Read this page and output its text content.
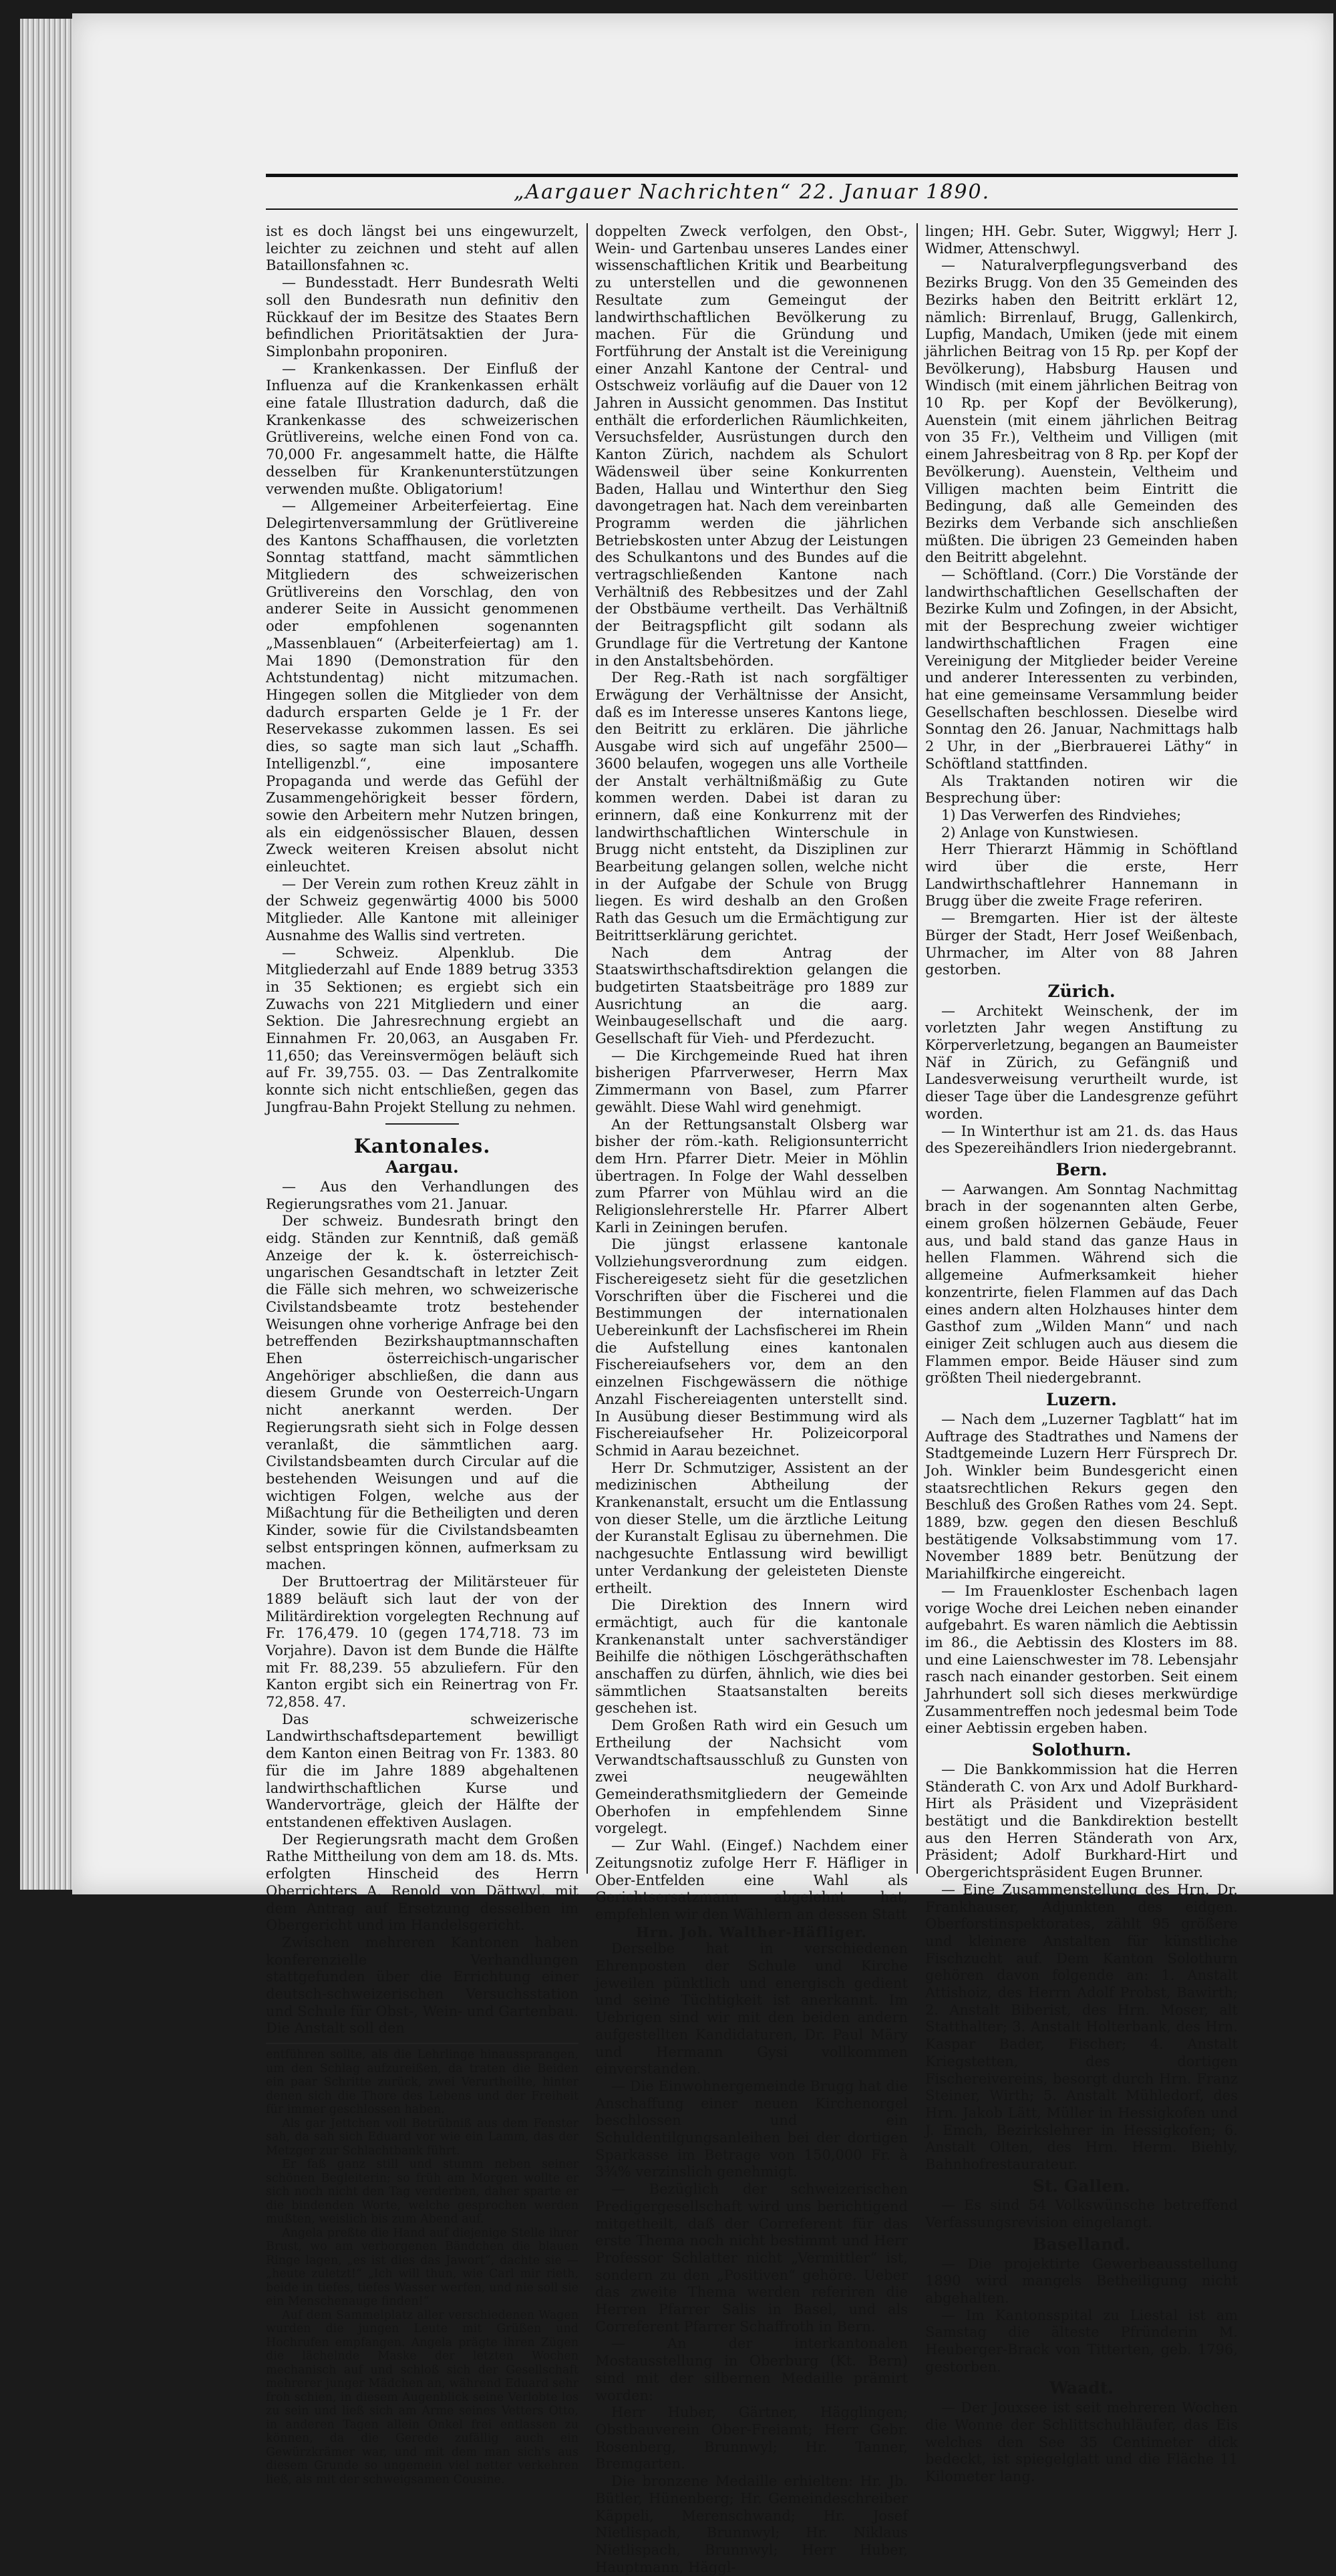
„Aargauer Nachrichten“ 22. Januar 1890.

ist es doch längst bei uns eingewurzelt, leichter zu zeichnen und steht auf allen Bataillonsfahnen ꝛc.

— Bundesstadt. Herr Bundesrath Welti soll den Bundesrath nun definitiv den Rückkauf der im Besitze des Staates Bern befindlichen Prioritätsaktien der Jura-Simplonbahn proponiren.

— Krankenkassen. Der Einfluß der Influenza auf die Krankenkassen erhält eine fatale Illustration dadurch, daß die Krankenkasse des schweizerischen Grütlivereins, welche einen Fond von ca. 70,000 Fr. angesammelt hatte, die Hälfte desselben für Krankenunterstützungen verwenden mußte. Obligatorium!

— Allgemeiner Arbeiterfeiertag. Eine Delegirtenversammlung der Grütlivereine des Kantons Schaffhausen, die vorletzten Sonntag stattfand, macht sämmtlichen Mitgliedern des schweizerischen Grütlivereins den Vorschlag, den von anderer Seite in Aussicht genommenen oder empfohlenen sogenannten „Massenblauen“ (Arbeiterfeiertag) am 1. Mai 1890 (Demonstration für den Achtstundentag) nicht mitzumachen. Hingegen sollen die Mitglieder von dem dadurch ersparten Gelde je 1 Fr. der Reservekasse zukommen lassen. Es sei dies, so sagte man sich laut „Schaffh. Intelligenzbl.“, eine imposantere Propaganda und werde das Gefühl der Zusammengehörigkeit besser fördern, sowie den Arbeitern mehr Nutzen bringen, als ein eidgenössischer Blauen, dessen Zweck weiteren Kreisen absolut nicht einleuchtet.

— Der Verein zum rothen Kreuz zählt in der Schweiz gegenwärtig 4000 bis 5000 Mitglieder. Alle Kantone mit alleiniger Ausnahme des Wallis sind vertreten.

— Schweiz. Alpenklub. Die Mitgliederzahl auf Ende 1889 betrug 3353 in 35 Sektionen; es ergiebt sich ein Zuwachs von 221 Mitgliedern und einer Sektion. Die Jahresrechnung ergiebt an Einnahmen Fr. 20,063, an Ausgaben Fr. 11,650; das Vereinsvermögen beläuft sich auf Fr. 39,755. 03. — Das Zentralkomite konnte sich nicht entschließen, gegen das Jungfrau-Bahn Projekt Stellung zu nehmen.

Kantonales.
Aargau.

— Aus den Verhandlungen des Regierungsrathes vom 21. Januar.

Der schweiz. Bundesrath bringt den eidg. Ständen zur Kenntniß, daß gemäß Anzeige der k. k. österreichisch-ungarischen Gesandtschaft in letzter Zeit die Fälle sich mehren, wo schweizerische Civilstandsbeamte trotz bestehender Weisungen ohne vorherige Anfrage bei den betreffenden Bezirkshauptmannschaften Ehen österreichisch-ungarischer Angehöriger abschließen, die dann aus diesem Grunde von Oesterreich-Ungarn nicht anerkannt werden. Der Regierungsrath sieht sich in Folge dessen veranlaßt, die sämmtlichen aarg. Civilstandsbeamten durch Circular auf die bestehenden Weisungen und auf die wichtigen Folgen, welche aus der Mißachtung für die Betheiligten und deren Kinder, sowie für die Civilstandsbeamten selbst entspringen können, aufmerksam zu machen.

Der Bruttoertrag der Militärsteuer für 1889 beläuft sich laut der von der Militärdirektion vorgelegten Rechnung auf Fr. 176,479. 10 (gegen 174,718. 73 im Vorjahre). Davon ist dem Bunde die Hälfte mit Fr. 88,239. 55 abzuliefern. Für den Kanton ergibt sich ein Reinertrag von Fr. 72,858. 47.

Das schweizerische Landwirthschaftsdepartement bewilligt dem Kanton einen Beitrag von Fr. 1383. 80 für die im Jahre 1889 abgehaltenen landwirthschaftlichen Kurse und Wandervorträge, gleich der Hälfte der entstandenen effektiven Auslagen.

Der Regierungsrath macht dem Großen Rathe Mittheilung von dem am 18. ds. Mts. erfolgten Hinscheid des Herrn Oberrichters A. Renold von Dättwyl, mit dem Antrag auf Ersetzung desselben im Obergericht und im Handelsgericht.

Zwischen mehreren Kantonen haben konferenzielle Verhandlungen stattgefunden über die Errichtung einer deutsch-schweizerischen Versuchsstation und Schule für Obst-, Wein- und Gartenbau. Die Anstalt soll den

entführen sollte, als die Lehrlinge hinaussprangen, um den Schlag aufzureißen, da traten die Beiden ein paar Schritte zurück, zwei Verurtheilte, hinter denen sich die Thore des Lebens und der Freiheit für immer geschlossen haben.

Als gar Jettchen voll Betrübniß aus dem Fenster sah, da sah sich Eduard vor wie ein Lamm, das der Metzger zur Schlachtbank führt.

Er faß ganz still und stumm neben seiner schönen Begleiterin; so früh am Morgen wollte er sich noch nicht den Tag verderben, daher sparte er die bindenden Worte, welche gesprochen werden mußten, weislich bis zum Abend auf.

Angela preßte die Hand auf diejenige Stelle ihrer Brust, wo am verborgenen Bändchen die blauen Ringe lagen, „es ist dies das Jawort“, dachte sie — „heute zuletzt!“ „Ich will thun, wie Carl mir rieth, beide in tiefes, tiefes Wasser werfen, und nie soll sie ein Menschenauge finden!“

Auf dem Sammelplatz aller verschiedenen Wagen wurden die jungen Leute mit Grüßen und Hochrufen empfangen. Angela prägte ihren Zügen die lächelnde Maske der letzten Wochen mechanisch auf und schloß sich der Gesellschaft mehrerer junger Mädchen an, während Eduard sehr froh schien, in diesem Augenblick seine Verlobte los zu sein und ließ sich am Arme seines Vetters Otto, in anderen Tagen allein Onkel frei entlassen zu können, da die Gerede zufällig auch ein Gewürzkrämer war, und mit dem man sich's aus diesem Grunde so ungemein viel netter verkehren ließ, als mit der schweigsamen Cousine.

doppelten Zweck verfolgen, den Obst-, Wein- und Gartenbau unseres Landes einer wissenschaftlichen Kritik und Bearbeitung zu unterstellen und die gewonnenen Resultate zum Gemeingut der landwirthschaftlichen Bevölkerung zu machen. Für die Gründung und Fortführung der Anstalt ist die Vereinigung einer Anzahl Kantone der Central- und Ostschweiz vorläufig auf die Dauer von 12 Jahren in Aussicht genommen. Das Institut enthält die erforderlichen Räumlichkeiten, Versuchsfelder, Ausrüstungen durch den Kanton Zürich, nachdem als Schulort Wädensweil über seine Konkurrenten Baden, Hallau und Winterthur den Sieg davongetragen hat. Nach dem vereinbarten Programm werden die jährlichen Betriebskosten unter Abzug der Leistungen des Schulkantons und des Bundes auf die vertragschließenden Kantone nach Verhältniß des Rebbesitzes und der Zahl der Obstbäume vertheilt. Das Verhältniß der Beitragspflicht gilt sodann als Grundlage für die Vertretung der Kantone in den Anstaltsbehörden.

Der Reg.-Rath ist nach sorgfältiger Erwägung der Verhältnisse der Ansicht, daß es im Interesse unseres Kantons liege, den Beitritt zu erklären. Die jährliche Ausgabe wird sich auf ungefähr 2500—3600 belaufen, wogegen uns alle Vortheile der Anstalt verhältnißmäßig zu Gute kommen werden. Dabei ist daran zu erinnern, daß eine Konkurrenz mit der landwirthschaftlichen Winterschule in Brugg nicht entsteht, da Disziplinen zur Bearbeitung gelangen sollen, welche nicht in der Aufgabe der Schule von Brugg liegen. Es wird deshalb an den Großen Rath das Gesuch um die Ermächtigung zur Beitrittserklärung gerichtet.

Nach dem Antrag der Staatswirthschaftsdirektion gelangen die budgetirten Staatsbeiträge pro 1889 zur Ausrichtung an die aarg. Weinbaugesellschaft und die aarg. Gesellschaft für Vieh- und Pferdezucht.

— Die Kirchgemeinde Rued hat ihren bisherigen Pfarrverweser, Herrn Max Zimmermann von Basel, zum Pfarrer gewählt. Diese Wahl wird genehmigt.

An der Rettungsanstalt Olsberg war bisher der röm.-kath. Religionsunterricht dem Hrn. Pfarrer Dietr. Meier in Möhlin übertragen. In Folge der Wahl desselben zum Pfarrer von Mühlau wird an die Religionslehrerstelle Hr. Pfarrer Albert Karli in Zeiningen berufen.

Die jüngst erlassene kantonale Vollziehungsverordnung zum eidgen. Fischereigesetz sieht für die gesetzlichen Vorschriften über die Fischerei und die Bestimmungen der internationalen Uebereinkunft der Lachsfischerei im Rhein die Aufstellung eines kantonalen Fischereiaufsehers vor, dem an den einzelnen Fischgewässern die nöthige Anzahl Fischereiagenten unterstellt sind. In Ausübung dieser Bestimmung wird als Fischereiaufseher Hr. Polizeicorporal Schmid in Aarau bezeichnet.

Herr Dr. Schmutziger, Assistent an der medizinischen Abtheilung der Krankenanstalt, ersucht um die Entlassung von dieser Stelle, um die ärztliche Leitung der Kuranstalt Eglisau zu übernehmen. Die nachgesuchte Entlassung wird bewilligt unter Verdankung der geleisteten Dienste ertheilt.

Die Direktion des Innern wird ermächtigt, auch für die kantonale Krankenanstalt unter sachverständiger Beihilfe die nöthigen Löschgeräthschaften anschaffen zu dürfen, ähnlich, wie dies bei sämmtlichen Staatsanstalten bereits geschehen ist.

Dem Großen Rath wird ein Gesuch um Ertheilung der Nachsicht vom Verwandtschaftsausschluß zu Gunsten von zwei neugewählten Gemeinderathsmitgliedern der Gemeinde Oberhofen in empfehlendem Sinne vorgelegt.

— Zur Wahl. (Eingef.) Nachdem einer Zeitungsnotiz zufolge Herr F. Häfliger in Ober-Entfelden eine Wahl als Gerichtsersatzmann abgelehnt hat, empfehlen wir den Wählern an dessen Statt

Hrn. Joh. Walther-Häfliger.

Derselbe hat in verschiedenen Ehrenposten der Schule und Kirche jeweilen pünktlich und energisch gedient und seine Tüchtigkeit ist anerkannt. Im Uebrigen sind wir mit den beiden andern aufgestellten Kandidaturen, Dr. Paul Märy und Hermann Gysi vollkommen einverstanden.

— Die Einwohnergemeinde Brugg hat die Anschaffung einer neuen Kirchenorgel beschlossen und ein Schuldentilgungsanleihen bei der dortigen Sparkasse im Betrage von 150,000 Fr. à 3¾% verzinslich genehmigt.

— Bezüglich der schweizerischen Predigergesellschaft wird uns berichtigend mitgetheilt, daß der Correferent für das erste Thema noch nicht bestimmt und Herr Professor Schlatter nicht „Vermittler“ ist, sondern zu den „Positiven“ gehöre. Ueber das zweite Thema werden referiren die Herren Pfarrer Salis in Basel, und als Correferent Pfarrer Schaffroth in Bern.

— An der interkantonalen Mostausstellung in Oberburg (Kt. Bern) sind mit der silbernen Medaille prämirt worden:

Herr Huber, Gärtner, Hägglingen; Obstbauverein Ober-Freiamt; Herr Gebr. Rosenberg, Brunnwyl; Hr. Tanner, Bremgarten.

Die bronzene Medaille erhielten: Hr. Jb. Bütler, Hünenberg; Hr. Gemeindeschreiber Käppeli, Merenschwand; Hr. Josef Nietlispach, Brunnwyl; Hr. Niklaus Nietlispach, Brunnwyl; Herr Huber, Hauptmann, Häggl-

lingen; HH. Gebr. Suter, Wiggwyl; Herr J. Widmer, Attenschwyl.

— Naturalverpflegungsverband des Bezirks Brugg. Von den 35 Gemeinden des Bezirks haben den Beitritt erklärt 12, nämlich: Birrenlauf, Brugg, Gallenkirch, Lupfig, Mandach, Umiken (jede mit einem jährlichen Beitrag von 15 Rp. per Kopf der Bevölkerung), Habsburg Hausen und Windisch (mit einem jährlichen Beitrag von 10 Rp. per Kopf der Bevölkerung), Auenstein (mit einem jährlichen Beitrag von 35 Fr.), Veltheim und Villigen (mit einem Jahresbeitrag von 8 Rp. per Kopf der Bevölkerung). Auenstein, Veltheim und Villigen machten beim Eintritt die Bedingung, daß alle Gemeinden des Bezirks dem Verbande sich anschließen müßten. Die übrigen 23 Gemeinden haben den Beitritt abgelehnt.

— Schöftland. (Corr.) Die Vorstände der landwirthschaftlichen Gesellschaften der Bezirke Kulm und Zofingen, in der Absicht, mit der Besprechung zweier wichtiger landwirthschaftlichen Fragen eine Vereinigung der Mitglieder beider Vereine und anderer Interessenten zu verbinden, hat eine gemeinsame Versammlung beider Gesellschaften beschlossen. Dieselbe wird Sonntag den 26. Januar, Nachmittags halb 2 Uhr, in der „Bierbrauerei Läthy“ in Schöftland stattfinden.

Als Traktanden notiren wir die Besprechung über:

1) Das Verwerfen des Rindviehes;

2) Anlage von Kunstwiesen.

Herr Thierarzt Hämmig in Schöftland wird über die erste, Herr Landwirthschaftlehrer Hannemann in Brugg über die zweite Frage referiren.

— Bremgarten. Hier ist der älteste Bürger der Stadt, Herr Josef Weißenbach, Uhrmacher, im Alter von 88 Jahren gestorben.

Zürich.

— Architekt Weinschenk, der im vorletzten Jahr wegen Anstiftung zu Körperverletzung, begangen an Baumeister Näf in Zürich, zu Gefängniß und Landesverweisung verurtheilt wurde, ist dieser Tage über die Landesgrenze geführt worden.

— In Winterthur ist am 21. ds. das Haus des Spezereihändlers Irion niedergebrannt.

Bern.

— Aarwangen. Am Sonntag Nachmittag brach in der sogenannten alten Gerbe, einem großen hölzernen Gebäude, Feuer aus, und bald stand das ganze Haus in hellen Flammen. Während sich die allgemeine Aufmerksamkeit hieher konzentrirte, fielen Flammen auf das Dach eines andern alten Holzhauses hinter dem Gasthof zum „Wilden Mann“ und nach einiger Zeit schlugen auch aus diesem die Flammen empor. Beide Häuser sind zum größten Theil niedergebrannt.

Luzern.

— Nach dem „Luzerner Tagblatt“ hat im Auftrage des Stadtrathes und Namens der Stadtgemeinde Luzern Herr Fürsprech Dr. Joh. Winkler beim Bundesgericht einen staatsrechtlichen Rekurs gegen den Beschluß des Großen Rathes vom 24. Sept. 1889, bzw. gegen den diesen Beschluß bestätigende Volksabstimmung vom 17. November 1889 betr. Benützung der Mariahilfkirche eingereicht.

— Im Frauenkloster Eschenbach lagen vorige Woche drei Leichen neben einander aufgebahrt. Es waren nämlich die Aebtissin im 86., die Aebtissin des Klosters im 88. und eine Laienschwester im 78. Lebensjahr rasch nach einander gestorben. Seit einem Jahrhundert soll sich dieses merkwürdige Zusammentreffen noch jedesmal beim Tode einer Aebtissin ergeben haben.

Solothurn.

— Die Bankkommission hat die Herren Ständerath C. von Arx und Adolf Burkhard-Hirt als Präsident und Vizepräsident bestätigt und die Bankdirektion bestellt aus den Herren Ständerath von Arx, Präsident; Adolf Burkhard-Hirt und Obergerichtspräsident Eugen Brunner.

— Eine Zusammenstellung des Hrn. Dr. Frankhauser, Adjunkten des eidgen. Oberforstinspektorates, zählt 95 größere und kleinere Anstalten für künstliche Fischzucht auf. Dem Kanton Solothurn gehören davon folgende an: 1. Anstalt Attishoiz, des Herrn Adolf Probst, Bawirth; 2. Anstalt Biberist, des Hrn. Moser, alt Statthalter; 3. Anstalt Holterbank, des Hrn. Kaspar Bader, Fischer; 4. Anstalt Kriegstetten, des dortigen Fischereivereins, besorgt durch Hrn. Franz Steiner, Wirth; 5. Anstalt Mühledorf, des Hrn. Jakob Lätt, Müller in Hessigkofen und J. Emch, Bezirkslehrer in Hessigkofen; 6. Anstalt Olten, des Hrn. Herm. Biehly, Bahnhofrestaurateur.

St. Gallen.

— Es sind 54 Volkswünsche betreffend Verfassungsrevision eingelangt.

Baselland.

— Die projektirte Gewerbeausstellung 1890 wird mangels Betheiligung nicht abgehalten.

— Im Kantonsspital zu Liestal ist am Samstag die älteste Pfründerin M. Heuberger-Brack von Titterten, geb. 1796, gestorben.

Waadt.

— Der Jouxsee ist seit mehreren Wochen die Wonne der Schlittschuhläufer, das Eis welches den See 35 Centimeter dick bedeckt, ist spiegelglatt und die Fläche 11 Kilometer lang.
